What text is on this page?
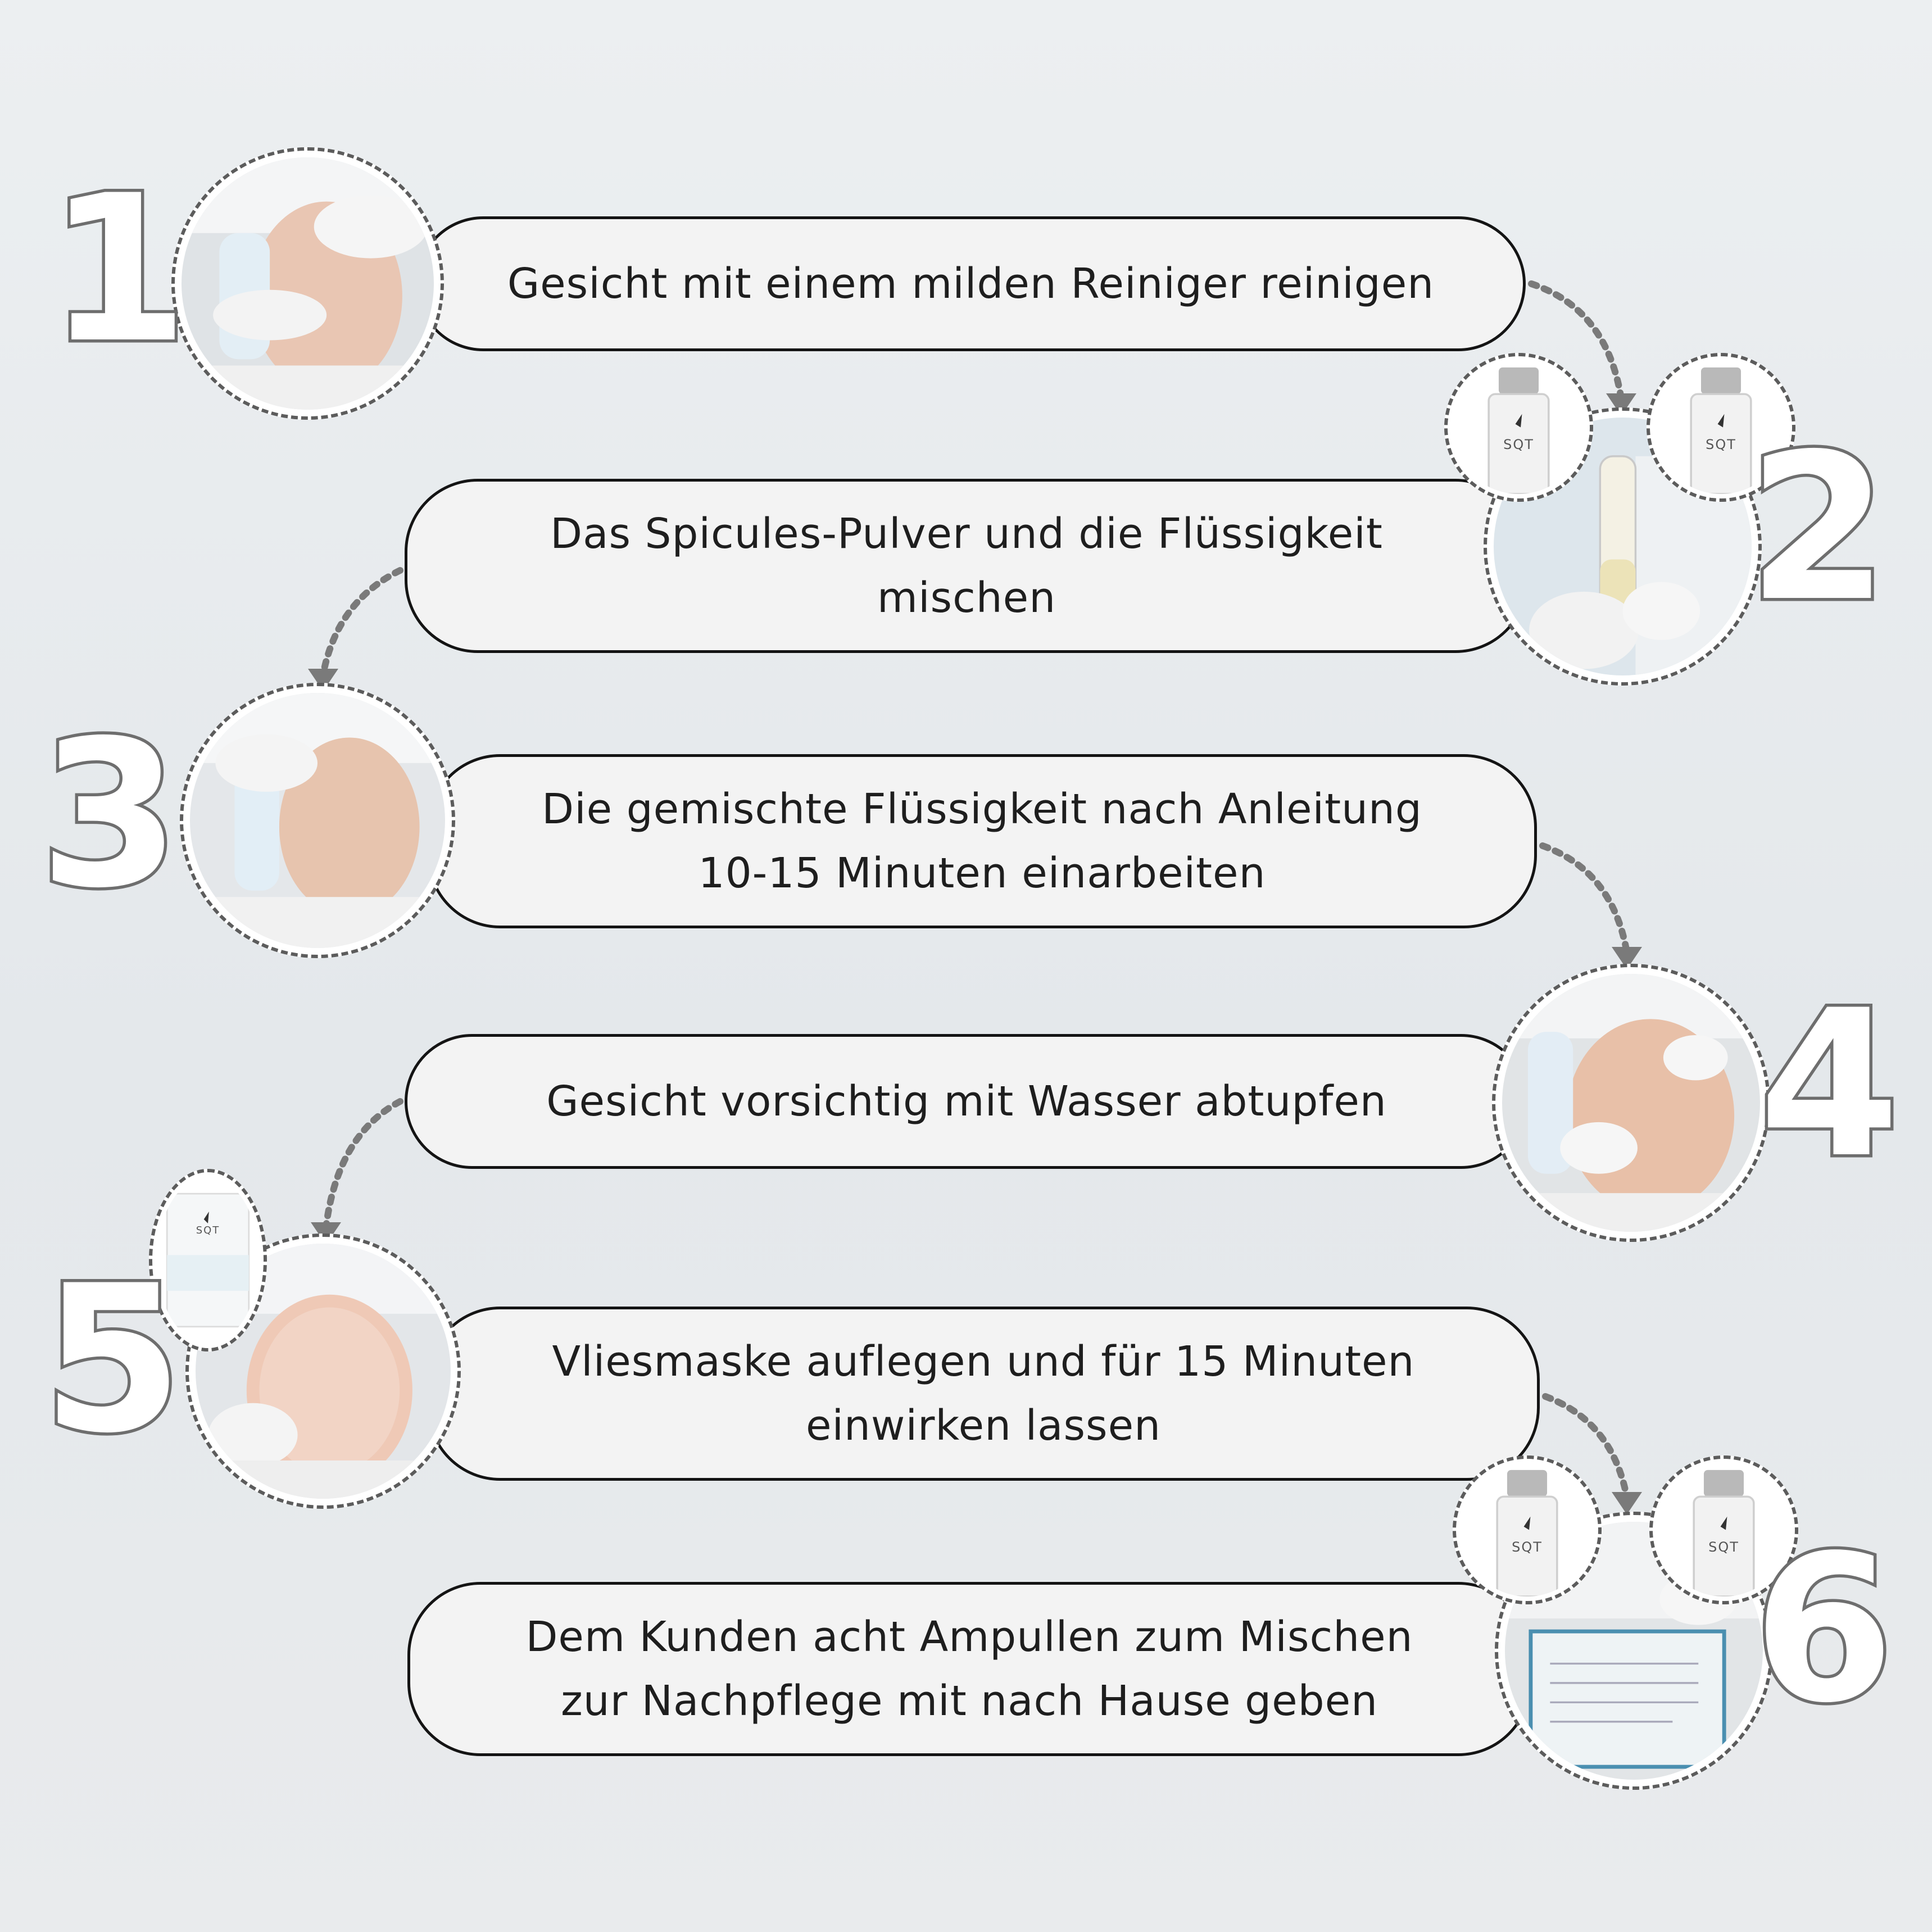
Gesicht mit einem milden Reiniger reinigen
1
Das Spicules-Pulver und die Flüssigkeit
mischen
SQT	SQT 2
Die gemischte Flüssigkeit nach Anleitung
10-15 Minuten einarbeiten
3
Gesicht vorsichtig mit Wasser abtupfen 4
Vliesmaske auflegen und für 15 Minuten
einwirken lassen
SQT
5
Dem Kunden acht Ampullen zum Mischen
zur Nachpflege mit nach Hause geben
SQT	SQT 6
